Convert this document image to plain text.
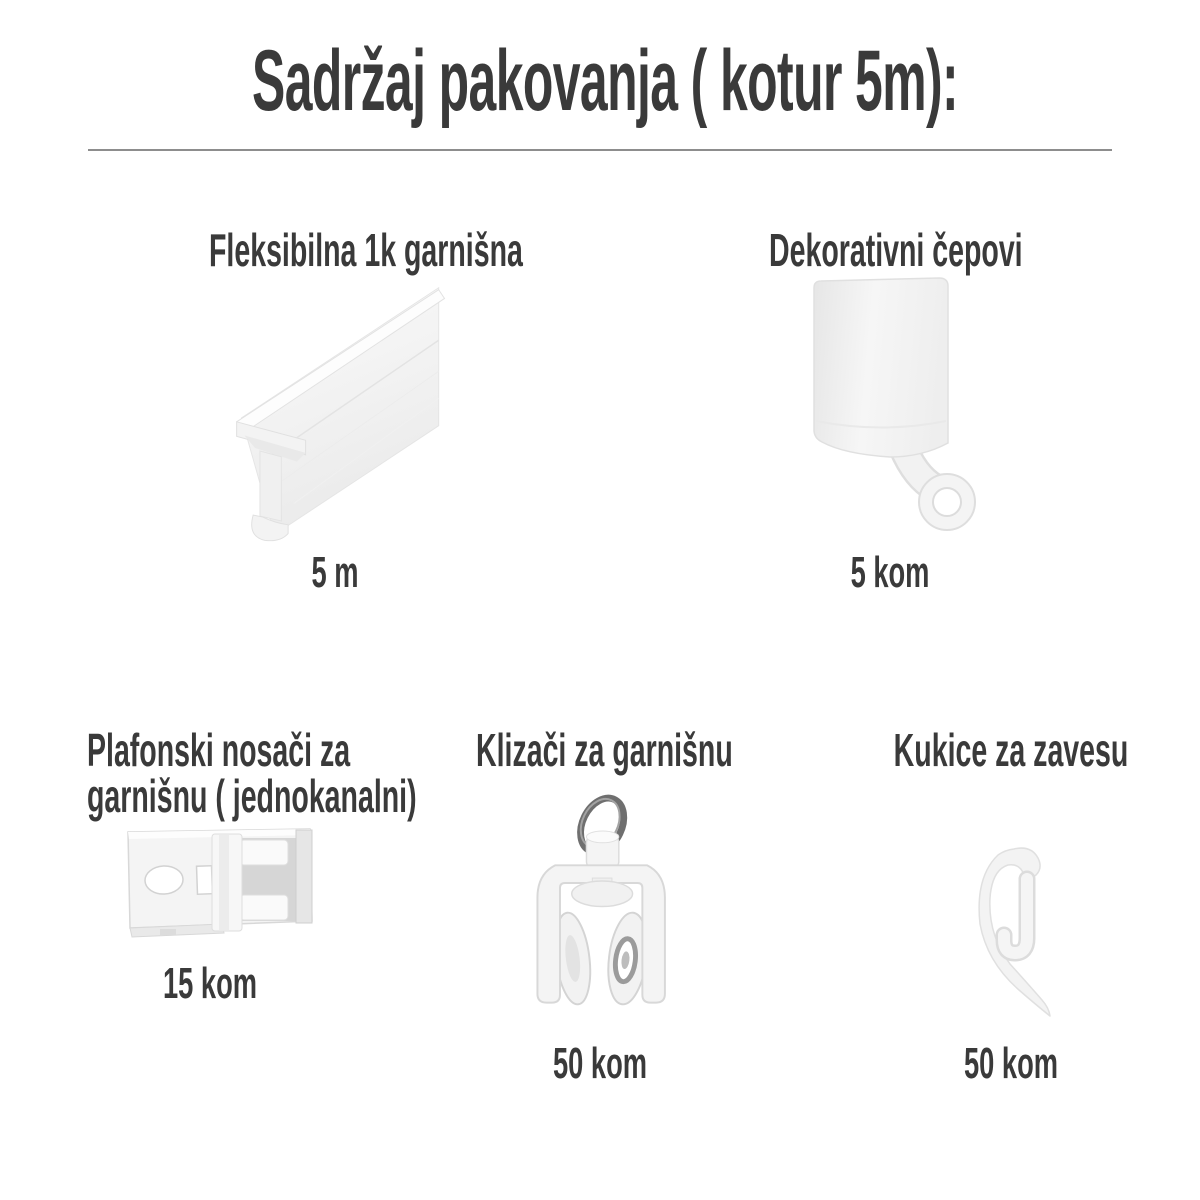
Sadržaj pakovanja ( kotur 5m):
Fleksibilna 1k garnišna
5 m
Dekorativni čepovi
5 kom
Plafonski nosači za
garnišnu ( jednokanalni)
15 kom
Klizači za garnišnu
50 kom
Kukice za zavesu
50 kom
